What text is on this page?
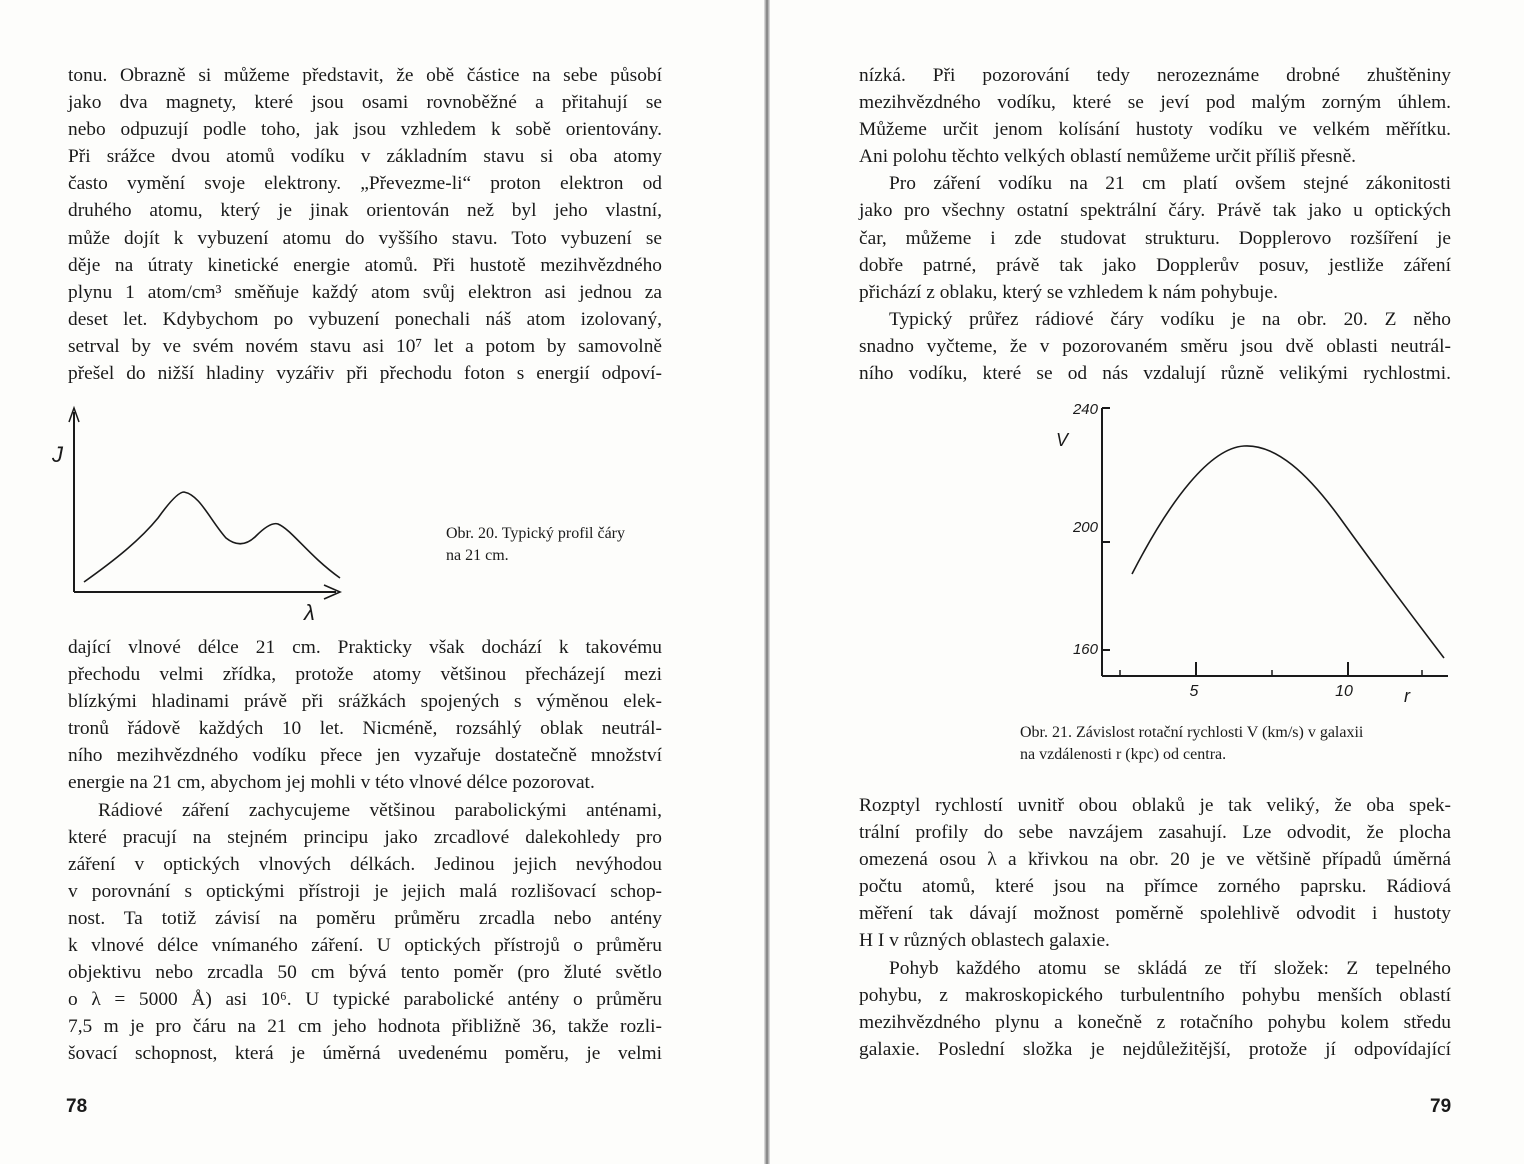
tonu. Obrazně si můžeme představit, že obě částice na sebe působí
jako dva magnety, které jsou osami rovnoběžné a přitahují se
nebo odpuzují podle toho, jak jsou vzhledem k sobě orientovány.
Při srážce dvou atomů vodíku v základním stavu si oba atomy
často vymění svoje elektrony. „Převezme-li“ proton elektron od
druhého atomu, který je jinak orientován než byl jeho vlastní,
může dojít k vybuzení atomu do vyššího stavu. Toto vybuzení se
děje na útraty kinetické energie atomů. Při hustotě mezihvězdného
plynu 1 atom/cm³ směňuje každý atom svůj elektron asi jednou za
deset let. Kdybychom po vybuzení ponechali náš atom izolovaný,
setrval by ve svém novém stavu asi 10⁷ let a potom by samovolně
přešel do nižší hladiny vyzářiv při přechodu foton s energií odpoví-
J
λ
Obr. 20. Typický profil čáry
na 21 cm.
dající vlnové délce 21 cm. Prakticky však dochází k takovému
přechodu velmi zřídka, protože atomy většinou přecházejí mezi
blízkými hladinami právě při srážkách spojených s výměnou elek-
tronů řádově každých 10 let. Nicméně, rozsáhlý oblak neutrál-
ního mezihvězdného vodíku přece jen vyzařuje dostatečně množství
energie na 21 cm, abychom jej mohli v této vlnové délce pozorovat.
Rádiové záření zachycujeme většinou parabolickými anténami,
které pracují na stejném principu jako zrcadlové dalekohledy pro
záření v optických vlnových délkách. Jedinou jejich nevýhodou
v porovnání s optickými přístroji je jejich malá rozlišovací schop-
nost. Ta totiž závisí na poměru průměru zrcadla nebo antény
k vlnové délce vnímaného záření. U optických přístrojů o průměru
objektivu nebo zrcadla 50 cm bývá tento poměr (pro žluté světlo
o λ = 5000 Å) asi 10⁶. U typické parabolické antény o průměru
7,5 m je pro čáru na 21 cm jeho hodnota přibližně 36, takže rozli-
šovací schopnost, která je úměrná uvedenému poměru, je velmi
78
nízká. Při pozorování tedy nerozeznáme drobné zhuštěniny
mezihvězdného vodíku, které se jeví pod malým zorným úhlem.
Můžeme určit jenom kolísání hustoty vodíku ve velkém měřítku.
Ani polohu těchto velkých oblastí nemůžeme určit příliš přesně.
Pro záření vodíku na 21 cm platí ovšem stejné zákonitosti
jako pro všechny ostatní spektrální čáry. Právě tak jako u optických
čar, můžeme i zde studovat strukturu. Dopplerovo rozšíření je
dobře patrné, právě tak jako Dopplerův posuv, jestliže záření
přichází z oblaku, který se vzhledem k nám pohybuje.
Typický průřez rádiové čáry vodíku je na obr. 20. Z něho
snadno vyčteme, že v pozorovaném směru jsou dvě oblasti neutrál-
ního vodíku, které se od nás vzdalují různě velikými rychlostmi.
240
200
160
V
5	10	r
Obr. 21. Závislost rotační rychlosti V (km/s) v galaxii
na vzdálenosti r (kpc) od centra.
Rozptyl rychlostí uvnitř obou oblaků je tak veliký, že oba spek-
trální profily do sebe navzájem zasahují. Lze odvodit, že plocha
omezená osou λ a křivkou na obr. 20 je ve většině případů úměrná
počtu atomů, které jsou na přímce zorného paprsku. Rádiová
měření tak dávají možnost poměrně spolehlivě odvodit i hustoty
H I v různých oblastech galaxie.
Pohyb každého atomu se skládá ze tří složek: Z tepelného
pohybu, z makroskopického turbulentního pohybu menších oblastí
mezihvězdného plynu a konečně z rotačního pohybu kolem středu
galaxie. Poslední složka je nejdůležitější, protože jí odpovídající
79
